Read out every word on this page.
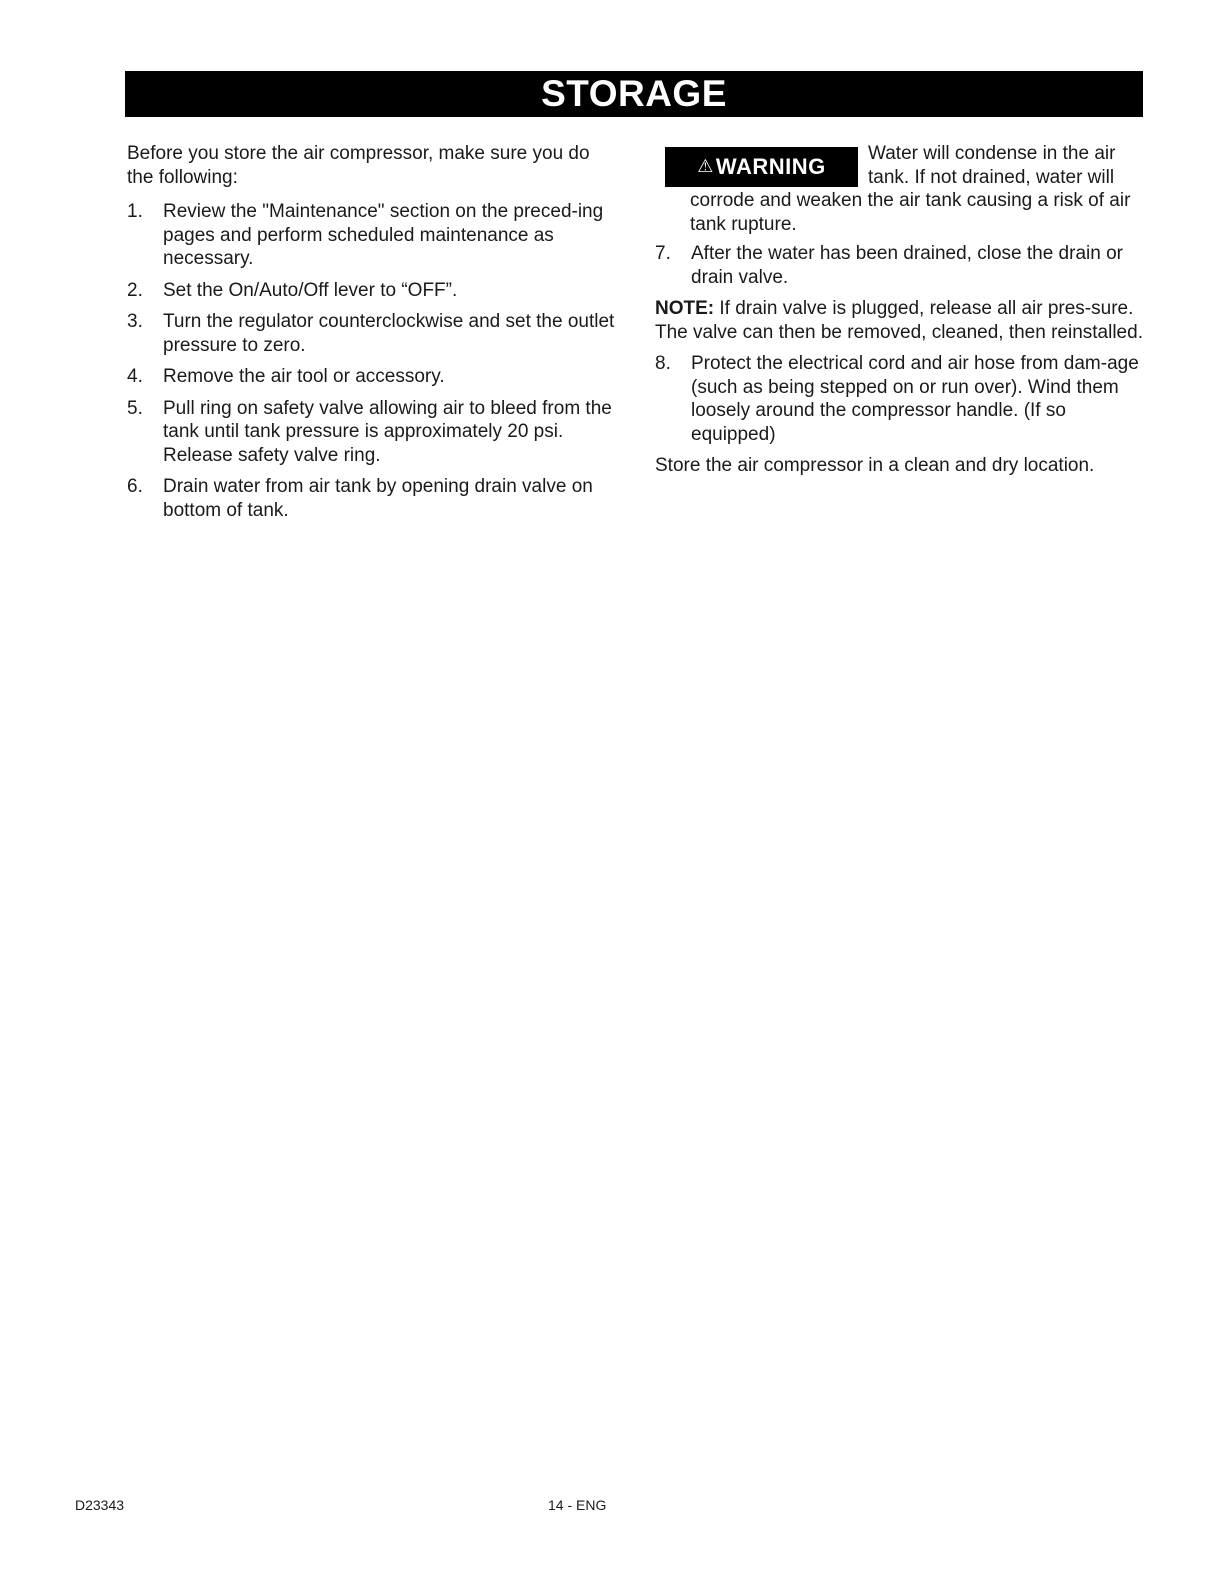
STORAGE

Before you store the air compressor, make sure you do the following:

1. Review the "Maintenance" section on the preced-ing pages and perform scheduled maintenance as necessary.
2. Set the On/Auto/Off lever to “OFF”.
3. Turn the regulator counterclockwise and set the outlet pressure to zero.
4. Remove the air tool or accessory.
5. Pull ring on safety valve allowing air to bleed from the tank until tank pressure is approximately 20 psi. Release safety valve ring.
6. Drain water from air tank by opening drain valve on bottom of tank.
⚠ WARNING
Water will condense in the air tank. If not drained, water will corrode and weaken the air tank causing a risk of air tank rupture.
7. After the water has been drained, close the drain or drain valve.

NOTE: If drain valve is plugged, release all air pres-sure. The valve can then be removed, cleaned, then reinstalled.

8. Protect the electrical cord and air hose from dam-age (such as being stepped on or run over). Wind them loosely around the compressor handle. (If so equipped)

Store the air compressor in a clean and dry location.

D23343	14 - ENG
